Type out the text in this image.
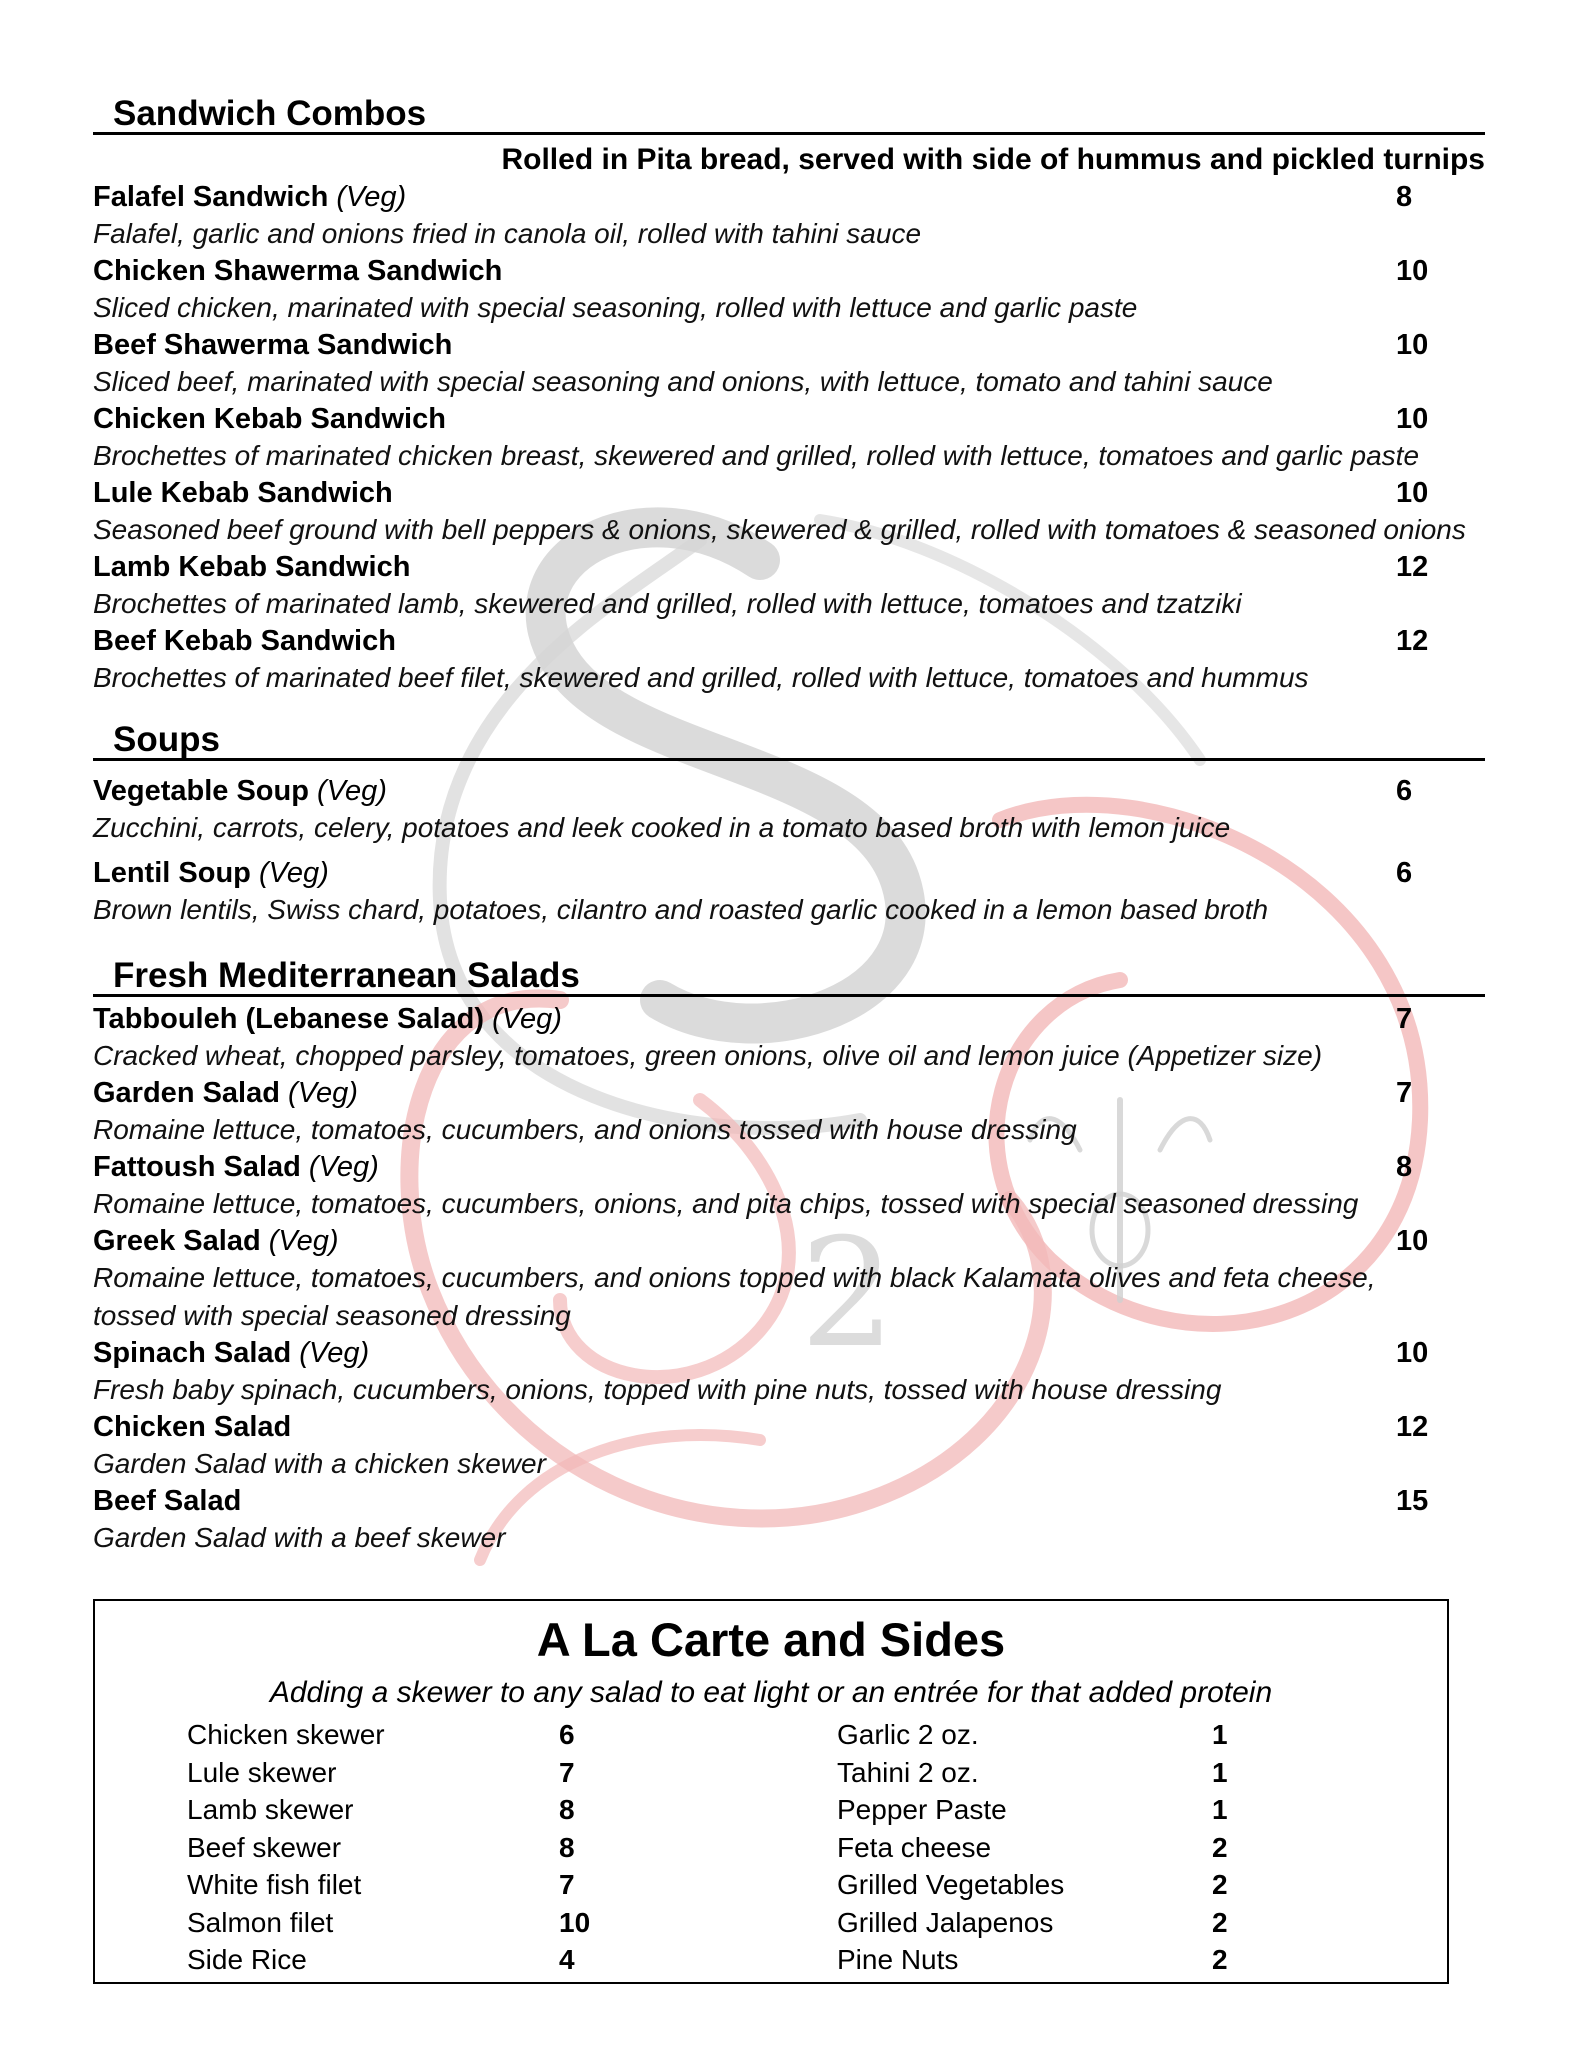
2
Sandwich Combos
Rolled in Pita bread, served with side of hummus and pickled turnips
Falafel Sandwich (Veg)	8
Falafel, garlic and onions fried in canola oil, rolled with tahini sauce
Chicken Shawerma Sandwich	10
Sliced chicken, marinated with special seasoning, rolled with lettuce and garlic paste
Beef Shawerma Sandwich	10
Sliced beef, marinated with special seasoning and onions, with lettuce, tomato and tahini sauce
Chicken Kebab Sandwich	10
Brochettes of marinated chicken breast, skewered and grilled, rolled with lettuce, tomatoes and garlic paste
Lule Kebab Sandwich	10
Seasoned beef ground with bell peppers & onions, skewered & grilled, rolled with tomatoes & seasoned onions
Lamb Kebab Sandwich	12
Brochettes of marinated lamb, skewered and grilled, rolled with lettuce, tomatoes and tzatziki
Beef Kebab Sandwich	12
Brochettes of marinated beef filet, skewered and grilled, rolled with lettuce, tomatoes and hummus
Soups
Vegetable Soup (Veg)	6
Zucchini, carrots, celery, potatoes and leek cooked in a tomato based broth with lemon juice
Lentil Soup (Veg)	6
Brown lentils, Swiss chard, potatoes, cilantro and roasted garlic cooked in a lemon based broth
Fresh Mediterranean Salads
Tabbouleh (Lebanese Salad) (Veg)	7
Cracked wheat, chopped parsley, tomatoes, green onions, olive oil and lemon juice (Appetizer size)
Garden Salad (Veg)	7
Romaine lettuce, tomatoes, cucumbers, and onions tossed with house dressing
Fattoush Salad (Veg)	8
Romaine lettuce, tomatoes, cucumbers, onions, and pita chips, tossed with special seasoned dressing
Greek Salad (Veg)	10
Romaine lettuce, tomatoes, cucumbers, and onions topped with black Kalamata olives and feta cheese,
tossed with special seasoned dressing
Spinach Salad (Veg)	10
Fresh baby spinach, cucumbers, onions, topped with pine nuts, tossed with house dressing
Chicken Salad	12
Garden Salad with a chicken skewer
Beef Salad	15
Garden Salad with a beef skewer
A La Carte and Sides
Adding a skewer to any salad to eat light or an entrée for that added protein
Chicken skewer	6
Lule skewer	7
Lamb skewer	8
Beef skewer	8
White fish filet	7
Salmon filet	10
Side Rice	4
Garlic 2 oz.	1
Tahini 2 oz.	1
Pepper Paste	1
Feta cheese	2
Grilled Vegetables	2
Grilled Jalapenos	2
Pine Nuts	2
